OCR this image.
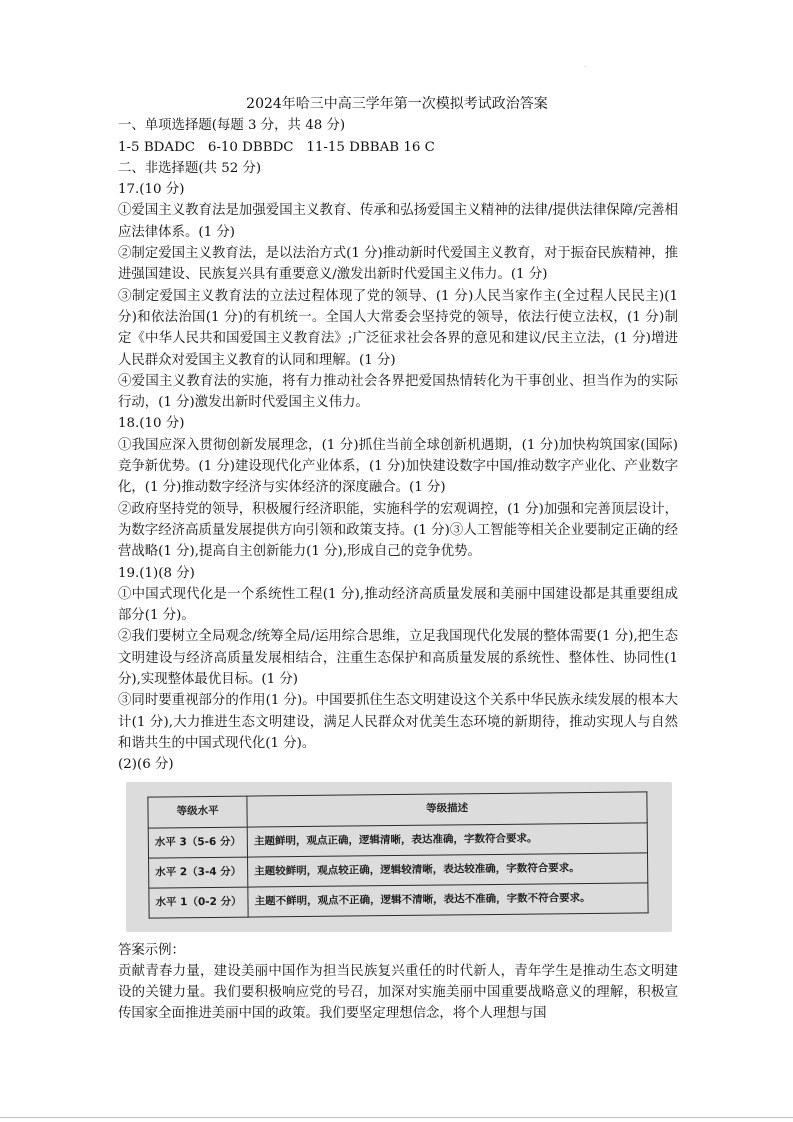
.
2024年哈三中高三学年第一次模拟考试政治答案
一、单项选择题(每题 3 分，共 48 分)
1-5 BDADC   6-10 DBBDC   11-15 DBBAB 16 C
二、非选择题(共 52 分)
17.(10 分)
①爱国主义教育法是加强爱国主义教育、传承和弘扬爱国主义精神的法律/提供法律保障/完善相应法律体系。(1 分)
②制定爱国主义教育法，是以法治方式(1 分)推动新时代爱国主义教育，对于振奋民族精神，推进强国建设、民族复兴具有重要意义/激发出新时代爱国主义伟力。(1 分)
③制定爱国主义教育法的立法过程体现了党的领导、(1 分)人民当家作主(全过程人民民主)(1 分)和依法治国(1 分)的有机统一。全国人大常委会坚持党的领导，依法行使立法权，(1 分)制定《中华人民共和国爱国主义教育法》;广泛征求社会各界的意见和建议/民主立法，(1 分)增进人民群众对爱国主义教育的认同和理解。(1 分)
④爱国主义教育法的实施，将有力推动社会各界把爱国热情转化为干事创业、担当作为的实际行动，(1 分)激发出新时代爱国主义伟力。
18.(10 分)
①我国应深入贯彻创新发展理念，(1 分)抓住当前全球创新机遇期，(1 分)加快构筑国家(国际)竞争新优势。(1 分)建设现代化产业体系，(1 分)加快建设数字中国/推动数字产业化、产业数字化，(1 分)推动数字经济与实体经济的深度融合。(1 分)
②政府坚持党的领导，积极履行经济职能，实施科学的宏观调控，(1 分)加强和完善顶层设计，为数字经济高质量发展提供方向引领和政策支持。(1 分)③人工智能等相关企业要制定正确的经营战略(1 分),提高自主创新能力(1 分),形成自己的竞争优势。
19.(1)(8 分)
①中国式现代化是一个系统性工程(1 分),推动经济高质量发展和美丽中国建设都是其重要组成部分(1 分)。
②我们要树立全局观念/统筹全局/运用综合思维，立足我国现代化发展的整体需要(1 分),把生态文明建设与经济高质量发展相结合，注重生态保护和高质量发展的系统性、整体性、协同性(1 分),实现整体最优目标。(1 分)
③同时要重视部分的作用(1 分)。中国要抓住生态文明建设这个关系中华民族永续发展的根本大计(1 分),大力推进生态文明建设，满足人民群众对优美生态环境的新期待，推动实现人与自然和谐共生的中国式现代化(1 分)。
(2)(6 分)
等级水平	等级描述
水平 3（5-6 分）	主题鲜明，观点正确，逻辑清晰，表达准确，字数符合要求。
水平 2（3-4 分）	主题较鲜明，观点较正确，逻辑较清晰，表达较准确，字数符合要求。
水平 1（0-2 分）	主题不鲜明，观点不正确，逻辑不清晰，表达不准确，字数不符合要求。
答案示例：
贡献青春力量，建设美丽中国作为担当民族复兴重任的时代新人，青年学生是推动生态文明建设的关键力量。我们要积极响应党的号召，加深对实施美丽中国重要战略意义的理解，积极宣传国家全面推进美丽中国的政策。我们要坚定理想信念，将个人理想与国
